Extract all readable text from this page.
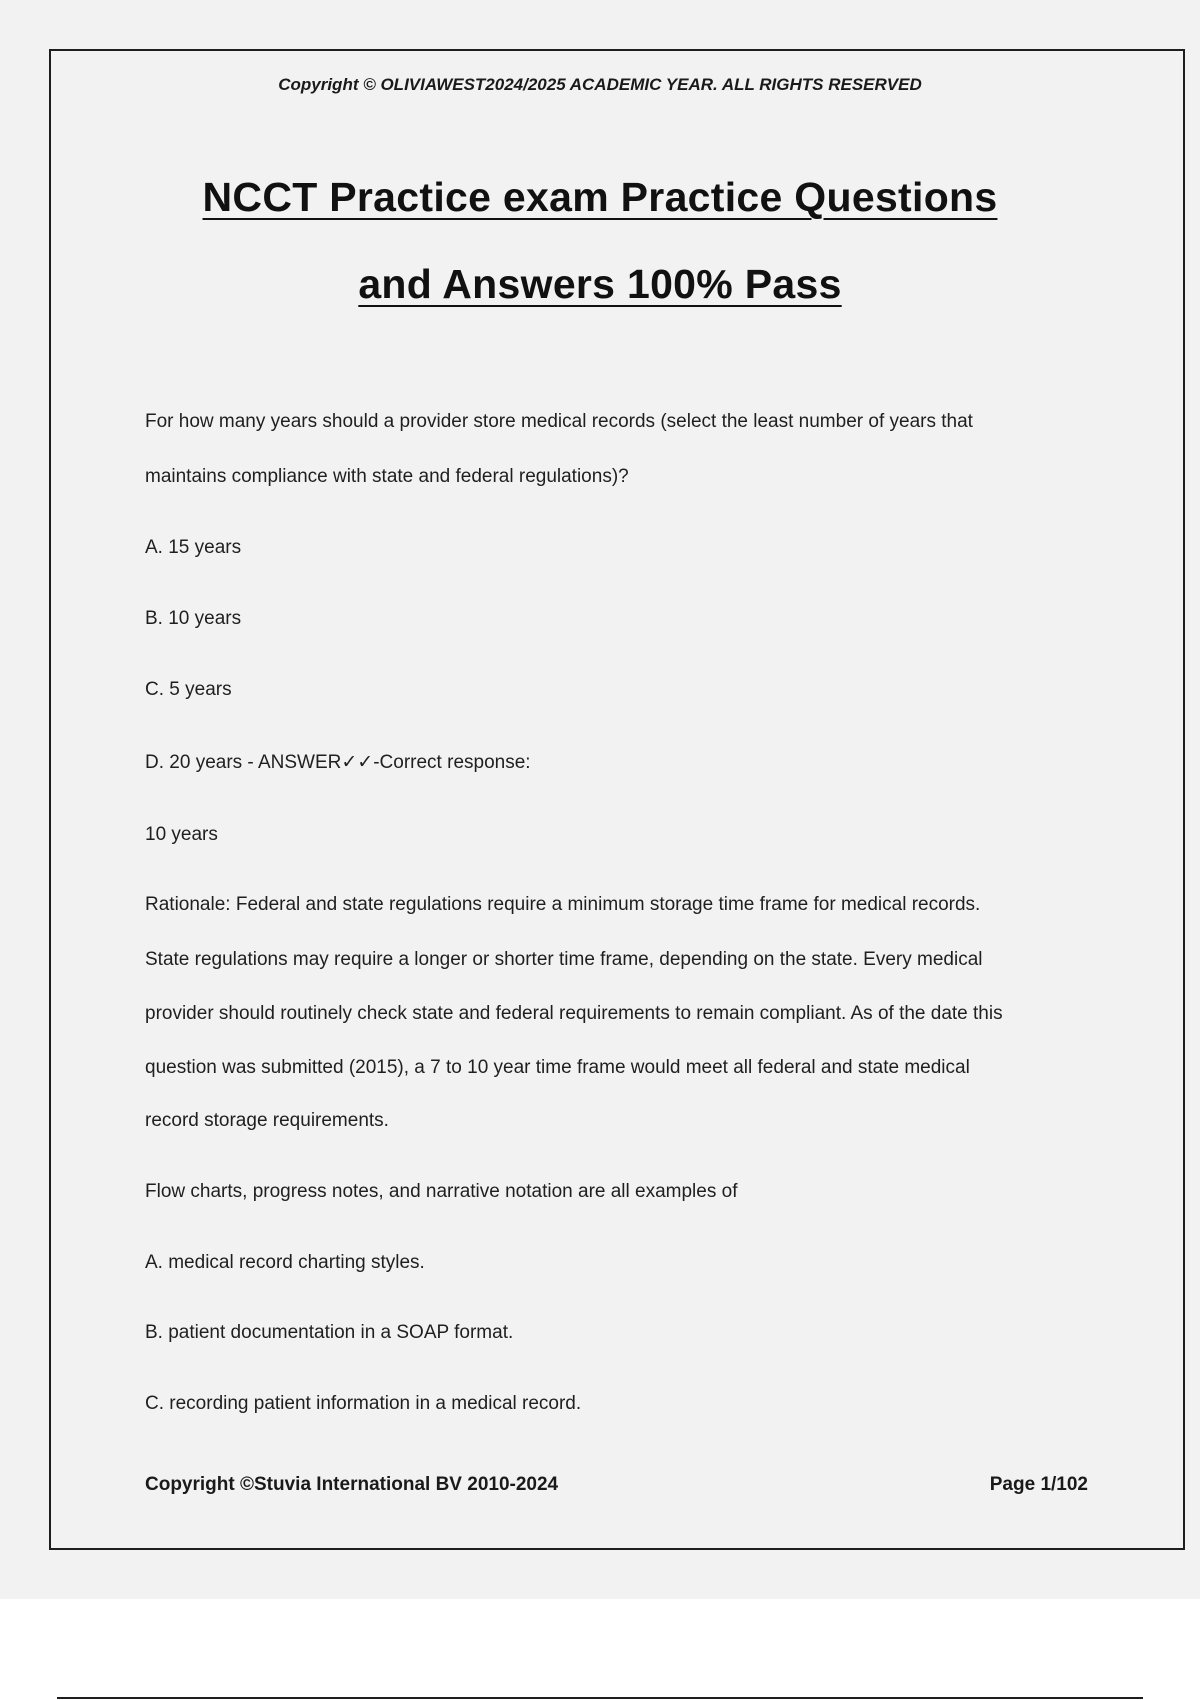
Copyright © OLIVIAWEST2024/2025 ACADEMIC YEAR. ALL RIGHTS RESERVED
NCCT Practice exam Practice Questions
and Answers 100% Pass
For how many years should a provider store medical records (select the least number of years that
maintains compliance with state and federal regulations)?
A. 15 years
B. 10 years
C. 5 years
D. 20 years - ANSWER✓✓-Correct response:
10 years
Rationale: Federal and state regulations require a minimum storage time frame for medical records.
State regulations may require a longer or shorter time frame, depending on the state. Every medical
provider should routinely check state and federal requirements to remain compliant. As of the date this
question was submitted (2015), a 7 to 10 year time frame would meet all federal and state medical
record storage requirements.
Flow charts, progress notes, and narrative notation are all examples of
A. medical record charting styles.
B. patient documentation in a SOAP format.
C. recording patient information in a medical record.
Copyright ©Stuvia International BV 2010-2024	Page 1/102
